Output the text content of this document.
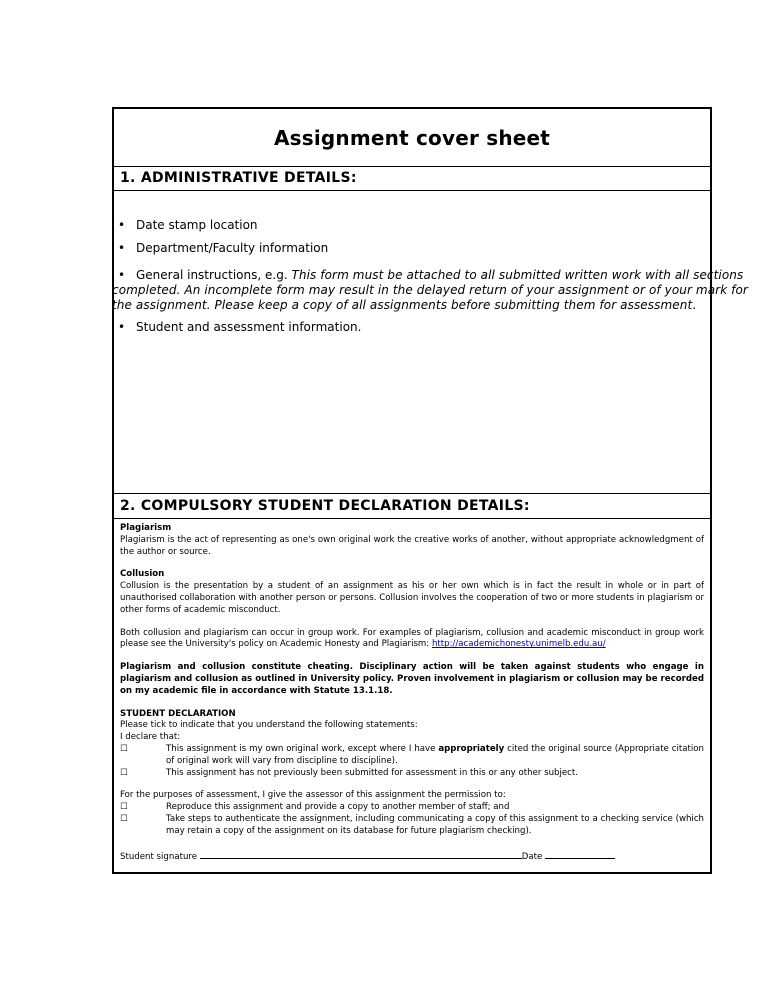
Assignment cover sheet
1. ADMINISTRATIVE DETAILS:
2. COMPULSORY STUDENT DECLARATION DETAILS:

Plagiarism

Plagiarism is the act of representing as one's own original work the creative works of another, without appropriate acknowledgment of the author or source.

Collusion

Collusion is the presentation by a student of an assignment as his or her own which is in fact the result in whole or in part of unauthorised collaboration with another person or persons. Collusion involves the cooperation of two or more students in plagiarism or other forms of academic misconduct.

Both collusion and plagiarism can occur in group work. For examples of plagiarism, collusion and academic misconduct in group work please see the University's policy on Academic Honesty and Plagiarism: http://academichonesty.unimelb.edu.au/

Plagiarism and collusion constitute cheating. Disciplinary action will be taken against students who engage in plagiarism and collusion as outlined in University policy. Proven involvement in plagiarism or collusion may be recorded on my academic file in accordance with Statute 13.1.18.

STUDENT DECLARATION

Please tick to indicate that you understand the following statements:

I declare that:

☐	This assignment is my own original work, except where I have appropriately cited the original source (Appropriate citation of original work will vary from discipline to discipline).
☐	This assignment has not previously been submitted for assessment in this or any other subject.

For the purposes of assessment, I give the assessor of this assignment the permission to:

☐	Reproduce this assignment and provide a copy to another member of staff; and
☐	Take steps to authenticate the assignment, including communicating a copy of this assignment to a checking service (which may retain a copy of the assignment on its database for future plagiarism checking).

Student signature	Date

• Date stamp location
• Department/Faculty information
• General instructions, e.g. This form must be attached to all submitted written work with all sections completed. An incomplete form may result in the delayed return of your assignment or of your mark for the assignment. Please keep a copy of all assignments before submitting them for assessment.
• Student and assessment information.
